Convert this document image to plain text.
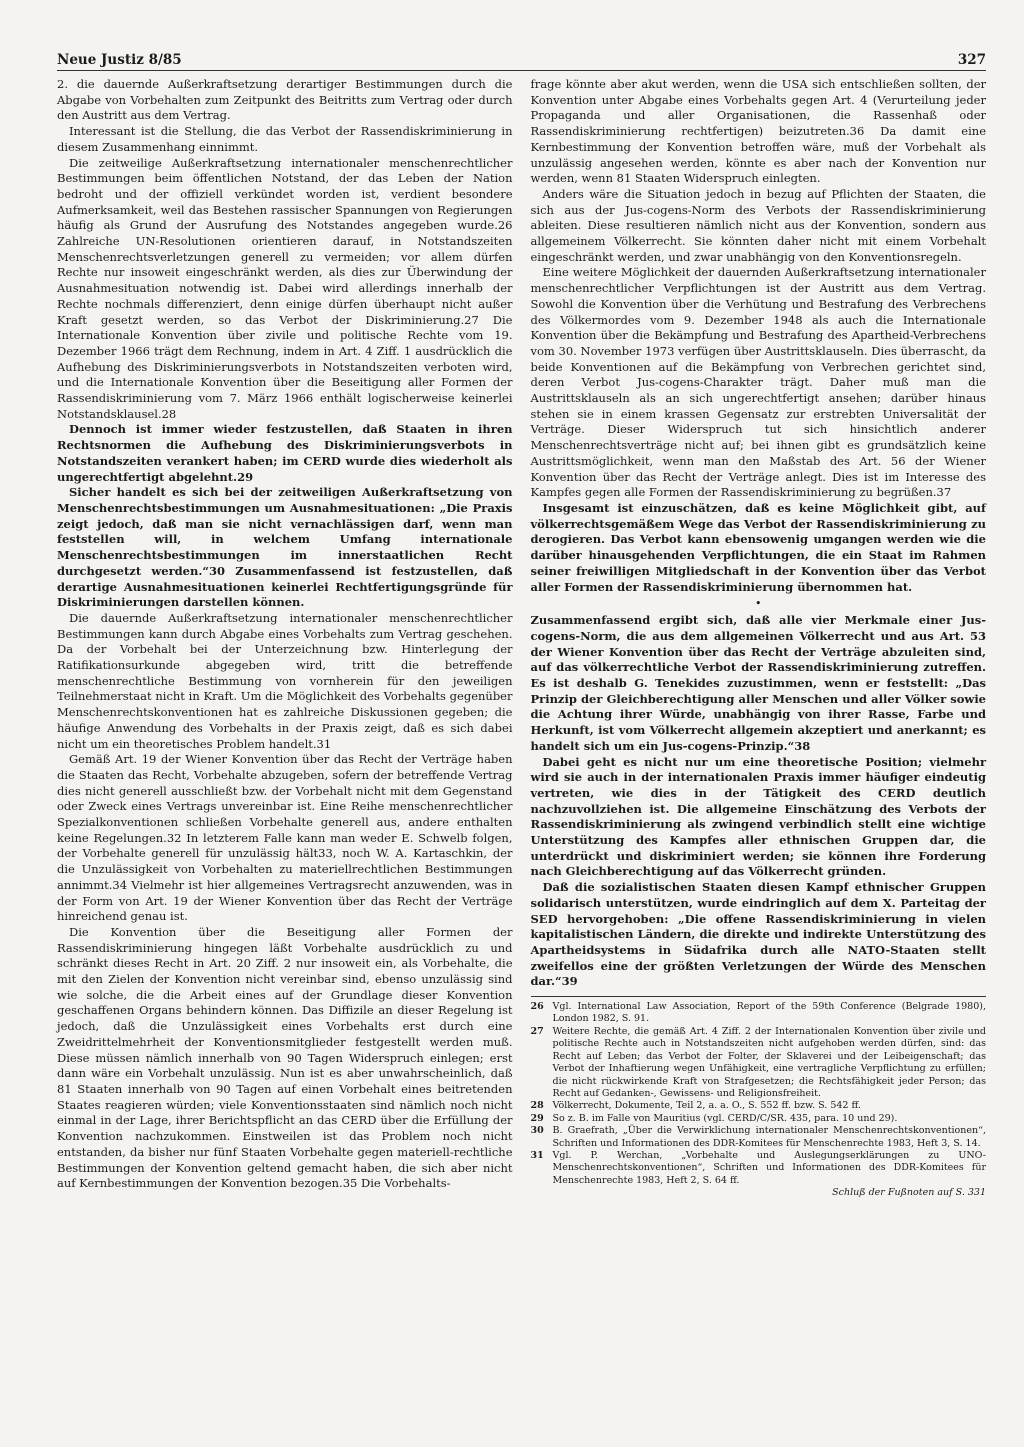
Neue Justiz 8/85	327

2. die dauernde Außerkraftsetzung derartiger Bestimmungen durch die Abgabe von Vorbehalten zum Zeitpunkt des Beitritts zum Vertrag oder durch den Austritt aus dem Vertrag.

Interessant ist die Stellung, die das Verbot der Rassendiskriminierung in diesem Zusammenhang einnimmt.

Die zeitweilige Außerkraftsetzung internationaler menschenrechtlicher Bestimmungen beim öffentlichen Notstand, der das Leben der Nation bedroht und der offiziell verkündet worden ist, verdient besondere Aufmerksamkeit, weil das Bestehen rassischer Spannungen von Regierungen häufig als Grund der Ausrufung des Notstandes angegeben wurde.26 Zahlreiche UN-Resolutionen orientieren darauf, in Notstandszeiten Menschenrechtsverletzungen generell zu vermeiden; vor allem dürfen Rechte nur insoweit eingeschränkt werden, als dies zur Überwindung der Ausnahmesituation notwendig ist. Dabei wird allerdings innerhalb der Rechte nochmals differenziert, denn einige dürfen überhaupt nicht außer Kraft gesetzt werden, so das Verbot der Diskriminierung.27 Die Internationale Konvention über zivile und politische Rechte vom 19. Dezember 1966 trägt dem Rechnung, indem in Art. 4 Ziff. 1 ausdrücklich die Aufhebung des Diskriminierungsverbots in Notstandszeiten verboten wird, und die Internationale Konvention über die Beseitigung aller Formen der Rassendiskriminierung vom 7. März 1966 enthält logischerweise keinerlei Notstandsklausel.28

Dennoch ist immer wieder festzustellen, daß Staaten in ihren Rechtsnormen die Aufhebung des Diskriminierungsverbots in Notstandszeiten verankert haben; im CERD wurde dies wiederholt als ungerechtfertigt abgelehnt.29

Sicher handelt es sich bei der zeitweiligen Außerkraftsetzung von Menschenrechtsbestimmungen um Ausnahmesituationen: „Die Praxis zeigt jedoch, daß man sie nicht vernachlässigen darf, wenn man feststellen will, in welchem Umfang internationale Menschenrechtsbestimmungen im innerstaatlichen Recht durchgesetzt werden.“30 Zusammenfassend ist festzustellen, daß derartige Ausnahmesituationen keinerlei Rechtfertigungsgründe für Diskriminierungen darstellen können.

Die dauernde Außerkraftsetzung internationaler menschenrechtlicher Bestimmungen kann durch Abgabe eines Vorbehalts zum Vertrag geschehen. Da der Vorbehalt bei der Unterzeichnung bzw. Hinterlegung der Ratifikationsurkunde abgegeben wird, tritt die betreffende menschenrechtliche Bestimmung von vornherein für den jeweiligen Teilnehmerstaat nicht in Kraft. Um die Möglichkeit des Vorbehalts gegenüber Menschenrechtskonventionen hat es zahlreiche Diskussionen gegeben; die häufige Anwendung des Vorbehalts in der Praxis zeigt, daß es sich dabei nicht um ein theoretisches Problem handelt.31

Gemäß Art. 19 der Wiener Konvention über das Recht der Verträge haben die Staaten das Recht, Vorbehalte abzugeben, sofern der betreffende Vertrag dies nicht generell ausschließt bzw. der Vorbehalt nicht mit dem Gegenstand oder Zweck eines Vertrags unvereinbar ist. Eine Reihe menschenrechtlicher Spezialkonventionen schließen Vorbehalte generell aus, andere enthalten keine Regelungen.32 In letzterem Falle kann man weder E. Schwelb folgen, der Vorbehalte generell für unzulässig hält33, noch W. A. Kartaschkin, der die Unzulässigkeit von Vorbehalten zu materiellrechtlichen Bestimmungen annimmt.34 Vielmehr ist hier allgemeines Vertragsrecht anzuwenden, was in der Form von Art. 19 der Wiener Konvention über das Recht der Verträge hinreichend genau ist.

Die Konvention über die Beseitigung aller Formen der Rassendiskriminierung hingegen läßt Vorbehalte ausdrücklich zu und schränkt dieses Recht in Art. 20 Ziff. 2 nur insoweit ein, als Vorbehalte, die mit den Zielen der Konvention nicht vereinbar sind, ebenso unzulässig sind wie solche, die die Arbeit eines auf der Grundlage dieser Konvention geschaffenen Organs behindern können. Das Diffizile an dieser Regelung ist jedoch, daß die Unzulässigkeit eines Vorbehalts erst durch eine Zweidrittelmehrheit der Konventionsmitglieder festgestellt werden muß. Diese müssen nämlich innerhalb von 90 Tagen Widerspruch einlegen; erst dann wäre ein Vorbehalt unzulässig. Nun ist es aber unwahrscheinlich, daß 81 Staaten innerhalb von 90 Tagen auf einen Vorbehalt eines beitretenden Staates reagieren würden; viele Konventionsstaaten sind nämlich noch nicht einmal in der Lage, ihrer Berichtspflicht an das CERD über die Erfüllung der Konvention nachzukommen. Einstweilen ist das Problem noch nicht entstanden, da bisher nur fünf Staaten Vorbehalte gegen materiell-rechtliche Bestimmungen der Konvention geltend gemacht haben, die sich aber nicht auf Kernbestimmungen der Konvention bezogen.35 Die Vorbehalts-

frage könnte aber akut werden, wenn die USA sich entschließen sollten, der Konvention unter Abgabe eines Vorbehalts gegen Art. 4 (Verurteilung jeder Propaganda und aller Organisationen, die Rassenhaß oder Rassendiskriminierung rechtfertigen) beizutreten.36 Da damit eine Kernbestimmung der Konvention betroffen wäre, muß der Vorbehalt als unzulässig angesehen werden, könnte es aber nach der Konvention nur werden, wenn 81 Staaten Widerspruch einlegten.

Anders wäre die Situation jedoch in bezug auf Pflichten der Staaten, die sich aus der Jus-cogens-Norm des Verbots der Rassendiskriminierung ableiten. Diese resultieren nämlich nicht aus der Konvention, sondern aus allgemeinem Völkerrecht. Sie könnten daher nicht mit einem Vorbehalt eingeschränkt werden, und zwar unabhängig von den Konventionsregeln.

Eine weitere Möglichkeit der dauernden Außerkraftsetzung internationaler menschenrechtlicher Verpflichtungen ist der Austritt aus dem Vertrag. Sowohl die Konvention über die Verhütung und Bestrafung des Verbrechens des Völkermordes vom 9. Dezember 1948 als auch die Internationale Konvention über die Bekämpfung und Bestrafung des Apartheid-Verbrechens vom 30. November 1973 verfügen über Austrittsklauseln. Dies überrascht, da beide Konventionen auf die Bekämpfung von Verbrechen gerichtet sind, deren Verbot Jus-cogens-Charakter trägt. Daher muß man die Austrittsklauseln als an sich ungerechtfertigt ansehen; darüber hinaus stehen sie in einem krassen Gegensatz zur erstrebten Universalität der Verträge. Dieser Widerspruch tut sich hinsichtlich anderer Menschenrechtsverträge nicht auf; bei ihnen gibt es grundsätzlich keine Austrittsmöglichkeit, wenn man den Maßstab des Art. 56 der Wiener Konvention über das Recht der Verträge anlegt. Dies ist im Interesse des Kampfes gegen alle Formen der Rassendiskriminierung zu begrüßen.37

Insgesamt ist einzuschätzen, daß es keine Möglichkeit gibt, auf völkerrechtsgemäßem Wege das Verbot der Rassendiskriminierung zu derogieren. Das Verbot kann ebensowenig umgangen werden wie die darüber hinausgehenden Verpflichtungen, die ein Staat im Rahmen seiner freiwilligen Mitgliedschaft in der Konvention über das Verbot aller Formen der Rassendiskriminierung übernommen hat.

•

Zusammenfassend ergibt sich, daß alle vier Merkmale einer Jus-cogens-Norm, die aus dem allgemeinen Völkerrecht und aus Art. 53 der Wiener Konvention über das Recht der Verträge abzuleiten sind, auf das völkerrechtliche Verbot der Rassendiskriminierung zutreffen. Es ist deshalb G. Tenekides zuzustimmen, wenn er feststellt: „Das Prinzip der Gleichberechtigung aller Menschen und aller Völker sowie die Achtung ihrer Würde, unabhängig von ihrer Rasse, Farbe und Herkunft, ist vom Völkerrecht allgemein akzeptiert und anerkannt; es handelt sich um ein Jus-cogens-Prinzip.“38

Dabei geht es nicht nur um eine theoretische Position; vielmehr wird sie auch in der internationalen Praxis immer häufiger eindeutig vertreten, wie dies in der Tätigkeit des CERD deutlich nachzuvollziehen ist. Die allgemeine Einschätzung des Verbots der Rassendiskriminierung als zwingend verbindlich stellt eine wichtige Unterstützung des Kampfes aller ethnischen Gruppen dar, die unterdrückt und diskriminiert werden; sie können ihre Forderung nach Gleichberechtigung auf das Völkerrecht gründen.

Daß die sozialistischen Staaten diesen Kampf ethnischer Gruppen solidarisch unterstützen, wurde eindringlich auf dem X. Parteitag der SED hervorgehoben: „Die offene Rassendiskriminierung in vielen kapitalistischen Ländern, die direkte und indirekte Unterstützung des Apartheidsystems in Südafrika durch alle NATO-Staaten stellt zweifellos eine der größten Verletzungen der Würde des Menschen dar.“39

26 Vgl. International Law Association, Report of the 59th Conference (Belgrade 1980), London 1982, S. 91.
27 Weitere Rechte, die gemäß Art. 4 Ziff. 2 der Internationalen Konvention über zivile und politische Rechte auch in Notstandszeiten nicht aufgehoben werden dürfen, sind: das Recht auf Leben; das Verbot der Folter, der Sklaverei und der Leibeigenschaft; das Verbot der Inhaftierung wegen Unfähigkeit, eine vertragliche Verpflichtung zu erfüllen; die nicht rückwirkende Kraft von Strafgesetzen; die Rechtsfähigkeit jeder Person; das Recht auf Gedanken-, Gewissens- und Religionsfreiheit.
28 Völkerrecht, Dokumente, Teil 2, a. a. O., S. 552 ff. bzw. S. 542 ff.
29 So z. B. im Falle von Mauritius (vgl. CERD/C/SR. 435, para. 10 und 29).
30 B. Graefrath, „Über die Verwirklichung internationaler Menschenrechtskonventionen“, Schriften und Informationen des DDR-Komitees für Menschenrechte 1983, Heft 3, S. 14.
31 Vgl. P. Werchan, „Vorbehalte und Auslegungserklärungen zu UNO-Menschenrechtskonventionen“, Schriften und Informationen des DDR-Komitees für Menschenrechte 1983, Heft 2, S. 64 ff.
Schluß der Fußnoten auf S. 331
